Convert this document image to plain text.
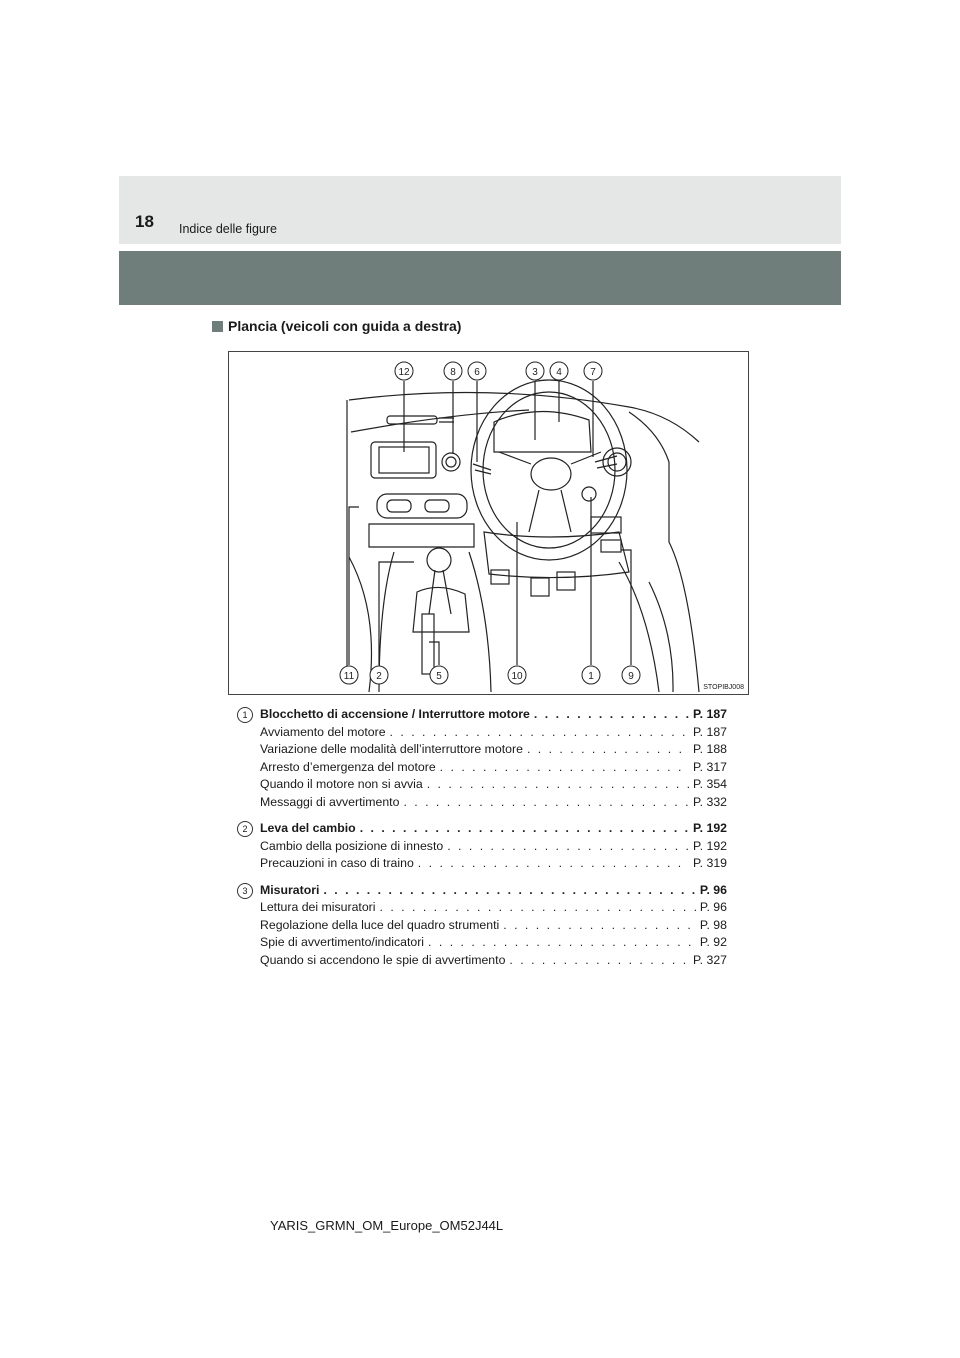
18 Indice delle figure
Plancia (veicoli con guida a destra)
12	8 6	3 4	7
11 2	5	10	1	9
STOPIBJ008
1	Blocchetto di accensione / Interruttore motore . . .	P. 187
Avviamento del motore . . .	P. 187
Variazione delle modalità dell’interruttore motore . . .	P. 188
Arresto d’emergenza del motore . . .	P. 317
Quando il motore non si avvia . . .	P. 354
Messaggi di avvertimento . . .	P. 332
2	Leva del cambio . . .	P. 192
Cambio della posizione di innesto . . .	P. 192
Precauzioni in caso di traino . . .	P. 319
3	Misuratori . . .	P. 96
Lettura dei misuratori . . .	P. 96
Regolazione della luce del quadro strumenti . . .	P. 98
Spie di avvertimento/indicatori . . .	P. 92
Quando si accendono le spie di avvertimento . . .	P. 327
YARIS_GRMN_OM_Europe_OM52J44L
